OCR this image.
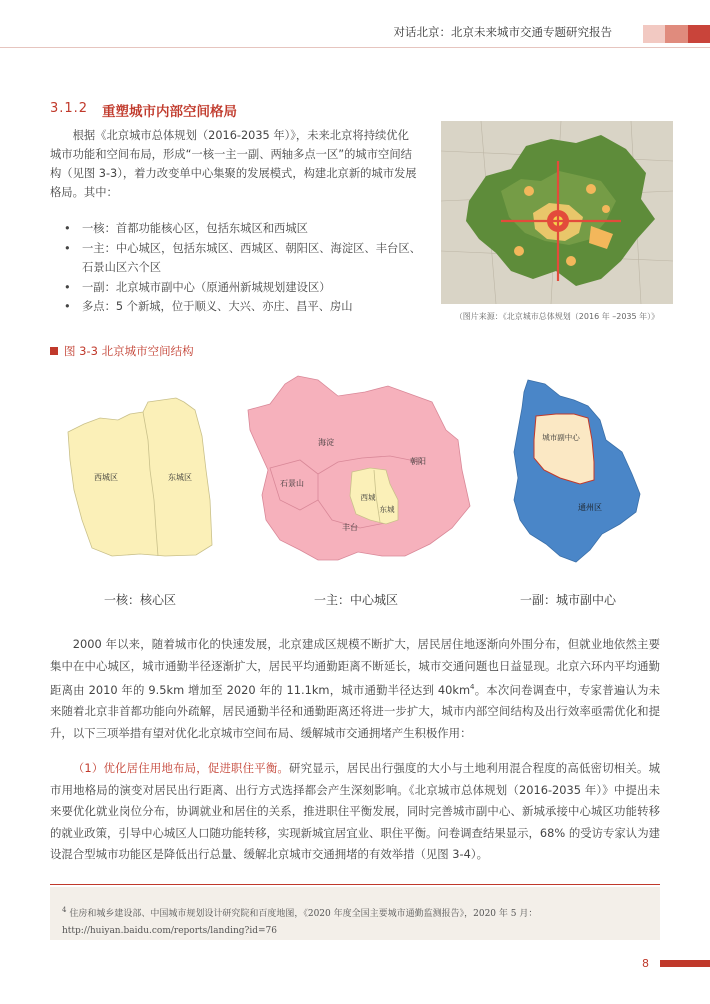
对话北京：北京未来城市交通专题研究报告
3.1.2 重塑城市内部空间格局

根据《北京城市总体规划（2016-2035 年）》，未来北京将持续优化城市功能和空间布局，形成“一核一主一副、两轴多点一区”的城市空间结构（见图 3-3），着力改变单中心集聚的发展模式，构建北京新的城市发展格局。其中：

• 一核：首都功能核心区，包括东城区和西城区
• 一主：中心城区，包括东城区、西城区、朝阳区、海淀区、丰台区、石景山区六个区
• 一副：北京城市副中心（原通州新城规划建设区）
• 多点：5 个新城，位于顺义、大兴、亦庄、昌平、房山
（图片来源：《北京城市总体规划（2016 年 –2035 年）》
图 3-3 北京城市空间结构
西城区	东城区
海淀
朝阳
石景山
西城
东城
丰台
城市副中心
通州区
一核：核心区	一主：中心城区	一副：城市副中心

2000 年以来，随着城市化的快速发展，北京建成区规模不断扩大，居民居住地逐渐向外围分布，但就业地依然主要集中在中心城区，城市通勤半径逐渐扩大，居民平均通勤距离不断延长，城市交通问题也日益显现。北京六环内平均通勤距离由 2010 年的 9.5km 增加至 2020 年的 11.1km，城市通勤半径达到 $40km^4$。本次问卷调查中，专家普遍认为未来随着北京非首都功能向外疏解，居民通勤半径和通勤距离还将进一步扩大，城市内部空间结构及出行效率亟需优化和提升，以下三项举措有望对优化北京城市空间布局、缓解城市交通拥堵产生积极作用：

（1）优化居住用地布局，促进职住平衡。研究显示，居民出行强度的大小与土地利用混合程度的高低密切相关。城市用地格局的演变对居民出行距离、出行方式选择都会产生深刻影响。《北京城市总体规划（2016-2035 年）》中提出未来要优化就业岗位分布，协调就业和居住的关系，推进职住平衡发展，同时完善城市副中心、新城承接中心城区功能转移的就业政策，引导中心城区人口随功能转移，实现新城宜居宜业、职住平衡。问卷调查结果显示，68% 的受访专家认为建设混合型城市功能区是降低出行总量、缓解北京城市交通拥堵的有效举措（见图 3-4）。

$^4$ 住房和城乡建设部、中国城市规划设计研究院和百度地图，《2020 年度全国主要城市通勤监测报告》，2020 年 5 月：http://huiyan.baidu.com/reports/landing?id=76
8
